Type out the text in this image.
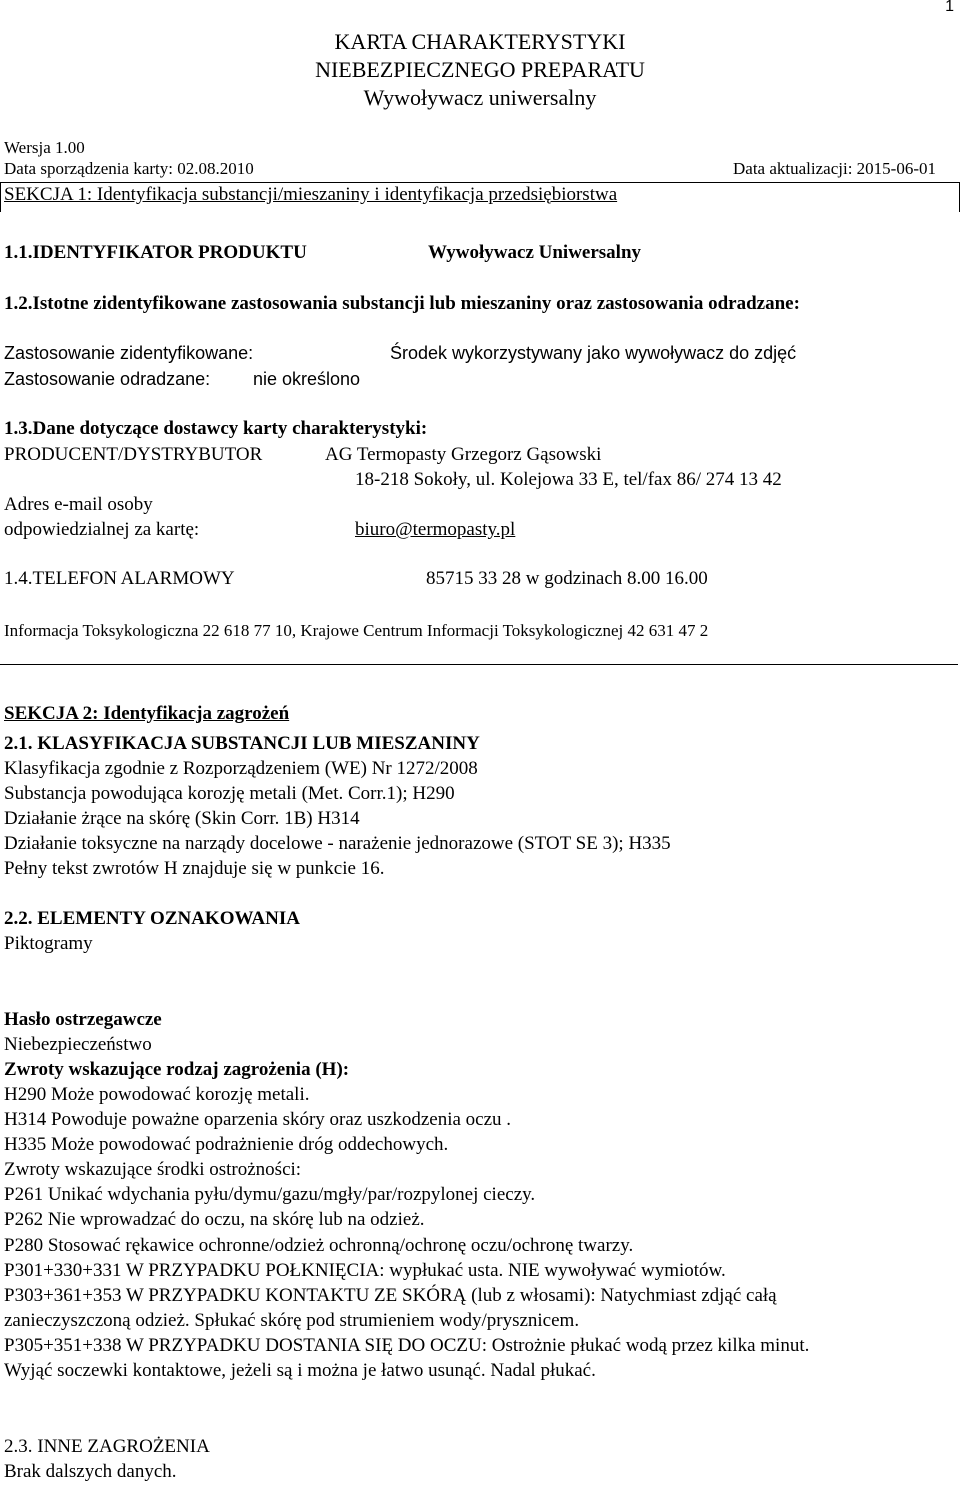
1
KARTA CHARAKTERYSTYKI
NIEBEZPIECZNEGO PREPARATU
Wywoływacz uniwersalny
Wersja 1.00
Data sporządzenia karty: 02.08.2010	Data aktualizacji: 2015-06-01
SEKCJA 1: Identyfikacja substancji/mieszaniny i identyfikacja przedsiębiorstwa
1.1.IDENTYFIKATOR PRODUKTU	Wywoływacz Uniwersalny
1.2.Istotne zidentyfikowane zastosowania substancji lub mieszaniny oraz zastosowania odradzane:
Zastosowanie zidentyfikowane:	Środek wykorzystywany jako wywoływacz do zdjęć
Zastosowanie odradzane: nie określono
1.3.Dane dotyczące dostawcy karty charakterystyki:
PRODUCENT/DYSTRYBUTOR	AG Termopasty Grzegorz Gąsowski
18-218 Sokoły, ul. Kolejowa 33 E, tel/fax 86/ 274 13 42
Adres e-mail osoby
odpowiedzialnej za kartę:	biuro@termopasty.pl
1.4.TELEFON ALARMOWY	85715 33 28 w godzinach 8.00 16.00
Informacja Toksykologiczna 22 618 77 10, Krajowe Centrum Informacji Toksykologicznej 42 631 47 2
SEKCJA 2: Identyfikacja zagrożeń
2.1. KLASYFIKACJA SUBSTANCJI LUB MIESZANINY
Klasyfikacja zgodnie z Rozporządzeniem (WE) Nr 1272/2008
Substancja powodująca korozję metali (Met. Corr.1); H290
Działanie żrące na skórę (Skin Corr. 1B) H314
Działanie toksyczne na narządy docelowe - narażenie jednorazowe (STOT SE 3); H335
Pełny tekst zwrotów H znajduje się w punkcie 16.
2.2. ELEMENTY OZNAKOWANIA
Piktogramy
Hasło ostrzegawcze
Niebezpieczeństwo
Zwroty wskazujące rodzaj zagrożenia (H):
H290 Może powodować korozję metali.
H314 Powoduje poważne oparzenia skóry oraz uszkodzenia oczu .
H335 Może powodować podrażnienie dróg oddechowych.
Zwroty wskazujące środki ostrożności:
P261 Unikać wdychania pyłu/dymu/gazu/mgły/par/rozpylonej cieczy.
P262 Nie wprowadzać do oczu, na skórę lub na odzież.
P280 Stosować rękawice ochronne/odzież ochronną/ochronę oczu/ochronę twarzy.
P301+330+331 W PRZYPADKU POŁKNIĘCIA: wypłukać usta. NIE wywoływać wymiotów.
P303+361+353 W PRZYPADKU KONTAKTU ZE SKÓRĄ (lub z włosami): Natychmiast zdjąć całą
zanieczyszczoną odzież. Spłukać skórę pod strumieniem wody/prysznicem.
P305+351+338 W PRZYPADKU DOSTANIA SIĘ DO OCZU: Ostrożnie płukać wodą przez kilka minut.
Wyjąć soczewki kontaktowe, jeżeli są i można je łatwo usunąć. Nadal płukać.
2.3. INNE ZAGROŻENIA
Brak dalszych danych.
